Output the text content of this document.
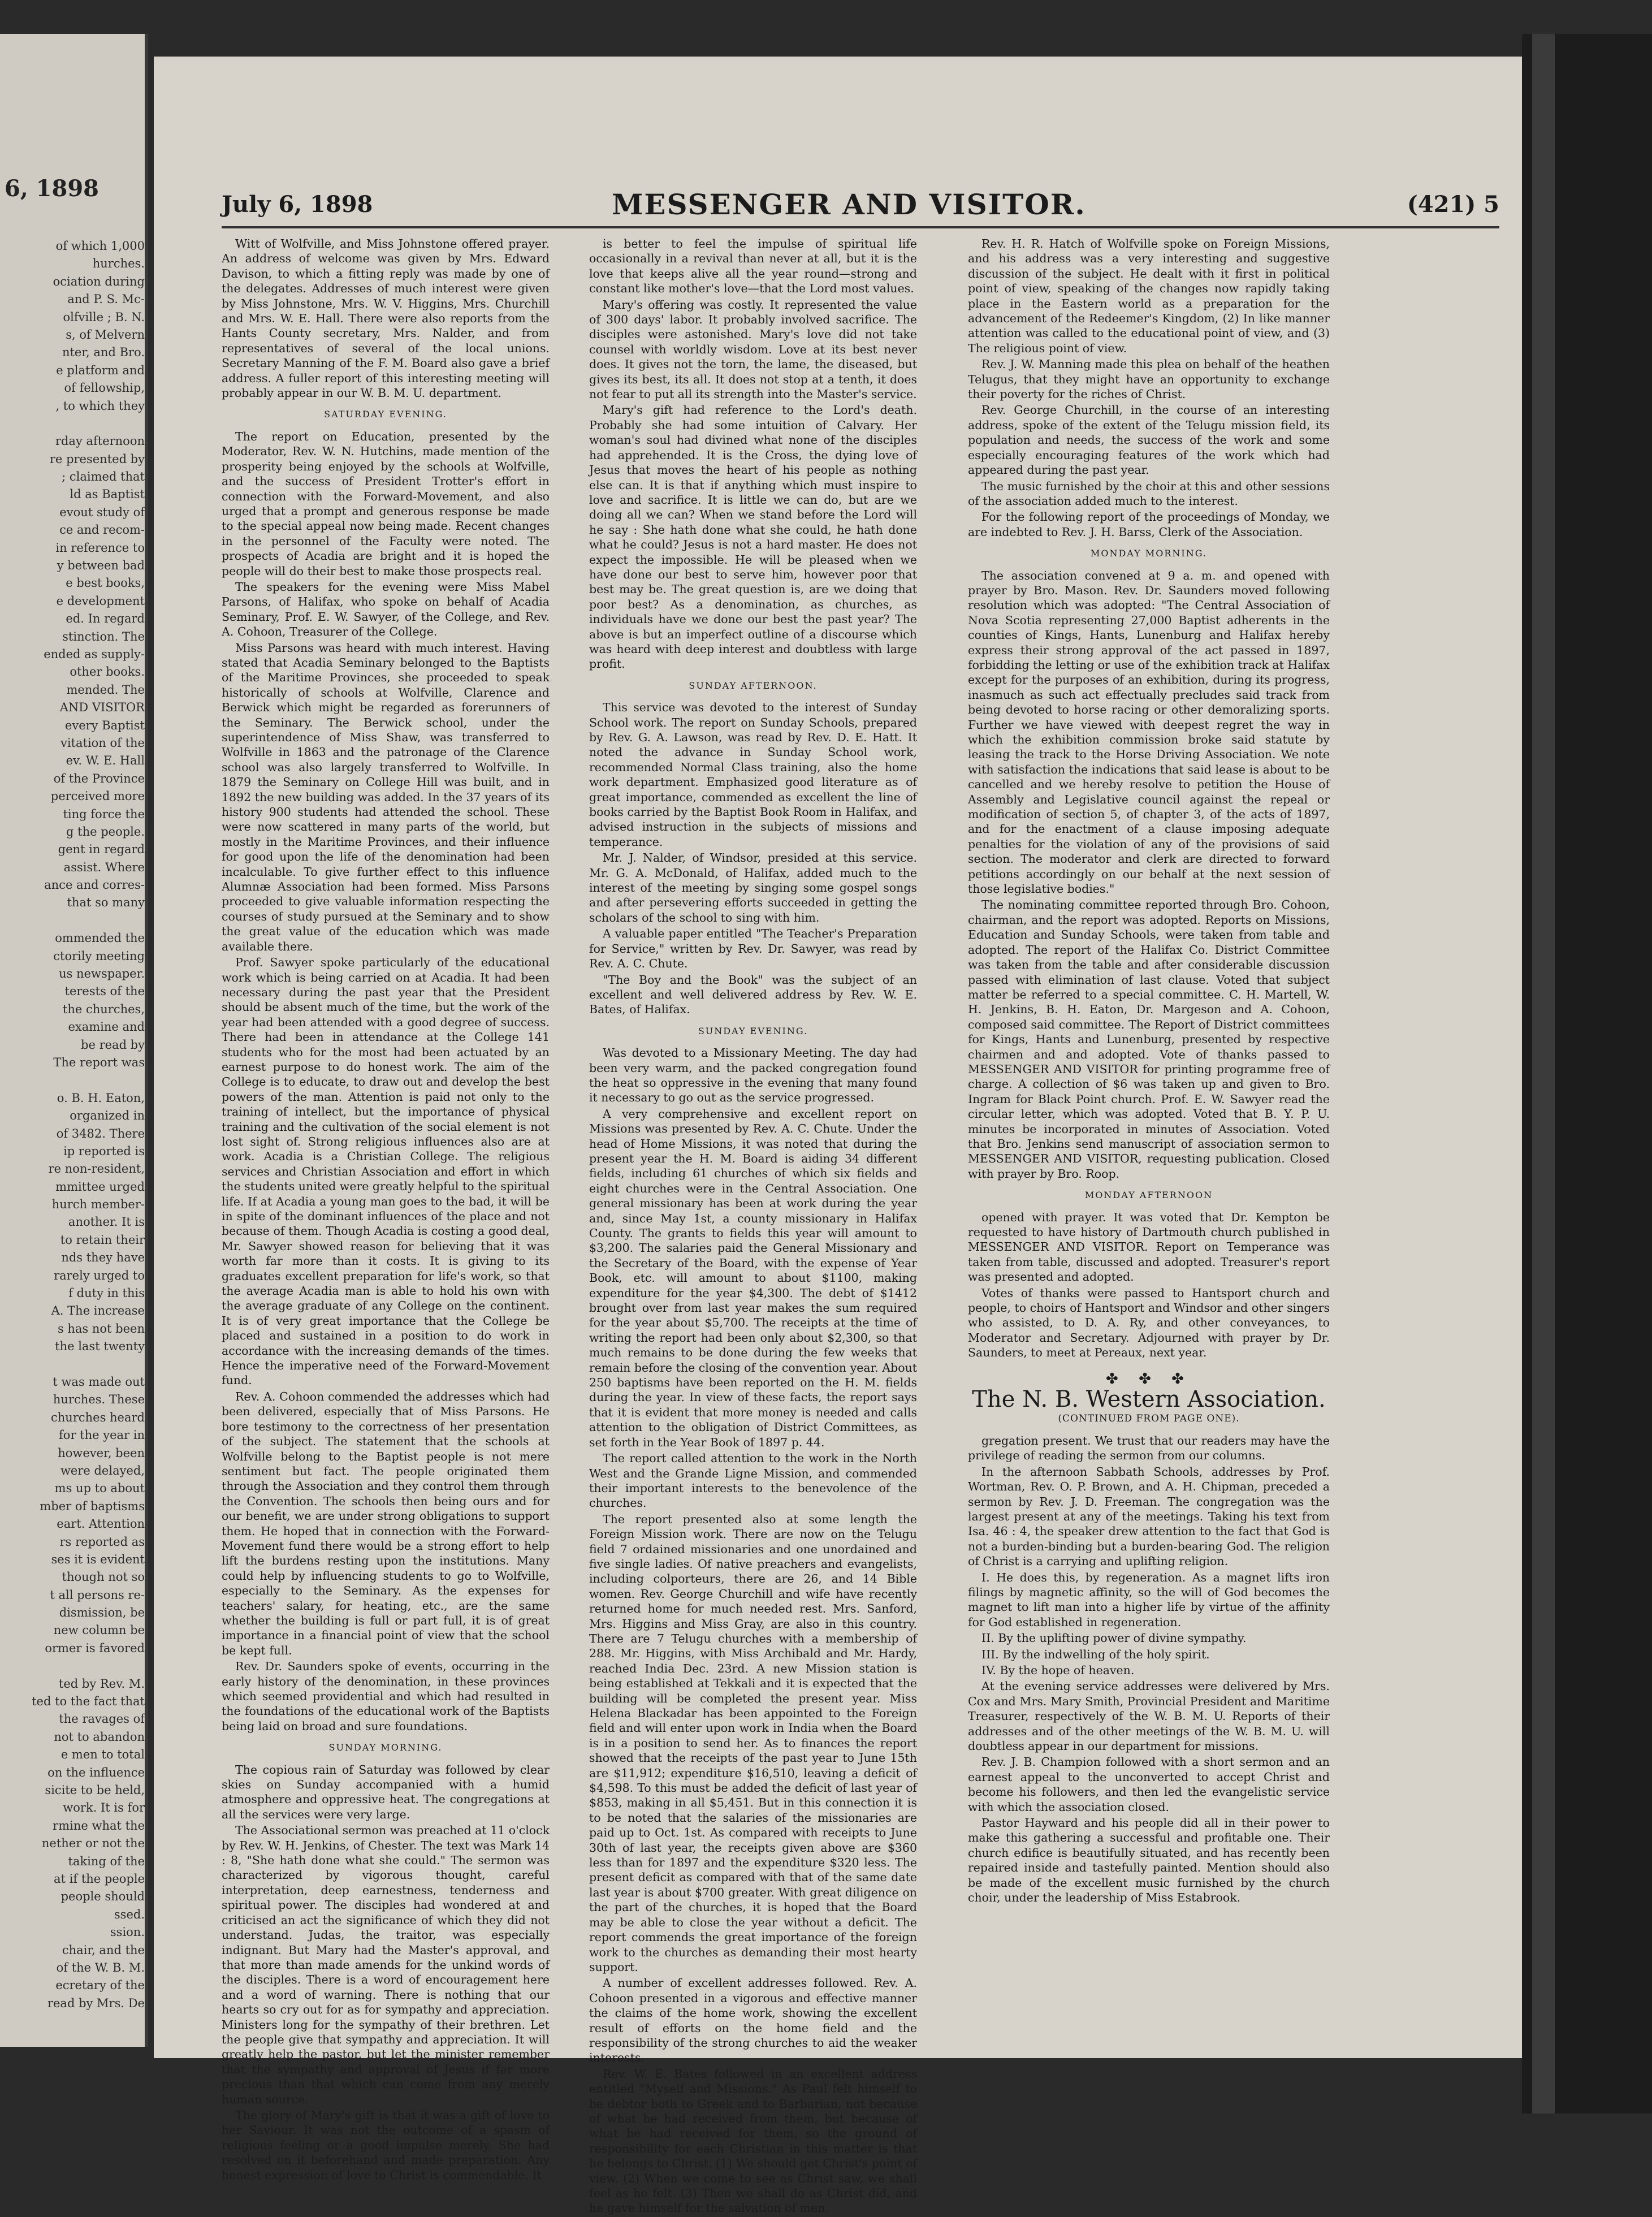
6, 1898
of which 1,000
hurches.
ociation during
and P. S. Mc-
olfville ; B. N.
s, of Melvern
nter, and Bro.
e platform and
of fellowship,
, to which they
rday afternoon
re presented by
; claimed that
ld as Baptist
evout study of
ce and recom-
in reference to
y between bad
e best books,
e development
ed. In regard
stinction. The
ended as supply-
other books.
mended. The
AND VISITOR
every Baptist
vitation of the
ev. W. E. Hall
of the Province
perceived more
ting force the
g the people.
gent in regard
assist. Where
ance and corres-
that so many
ommended the
ctorily meeting
us newspaper.
terests of the
the churches,
examine and
be read by
The report was
o. B. H. Eaton,
organized in
of 3482. There
ip reported is
re non-resident,
mmittee urged
hurch member-
another. It is
to retain their
nds they have
rarely urged to
f duty in this
A. The increase
s has not been
the last twenty
t was made out
hurches. These
churches heard
for the year in
however, been
were delayed,
ms up to about
mber of baptisms
eart. Attention
rs reported as
ses it is evident
though not so
t all persons re-
dismission, be
new column be
ormer is favored
ted by Rev. M.
ted to the fact that
the ravages of
not to abandon
e men to total
on the influence
sicite to be held,
work. It is for
rmine what the
nether or not the
taking of the
at if the people
people should
ssed.
ssion.
chair, and the
of the W. B. M.
ecretary of the
read by Mrs. De
July 6, 1898	MESSENGER AND VISITOR.	(421) 5

Witt of Wolfville, and Miss Johnstone offered prayer. An address of welcome was given by Mrs. Edward Davison, to which a fitting reply was made by one of the delegates. Addresses of much interest were given by Miss Johnstone, Mrs. W. V. Higgins, Mrs. Churchill and Mrs. W. E. Hall. There were also reports from the Hants County secretary, Mrs. Nalder, and from representatives of several of the local unions. Secretary Manning of the F. M. Board also gave a brief address. A fuller report of this interesting meeting will probably appear in our W. B. M. U. department.

SATURDAY EVENING.

The report on Education, presented by the Moderator, Rev. W. N. Hutchins, made mention of the prosperity being enjoyed by the schools at Wolfville, and the success of President Trotter's effort in connection with the Forward-Movement, and also urged that a prompt and generous response be made to the special appeal now being made. Recent changes in the personnel of the Faculty were noted. The prospects of Acadia are bright and it is hoped the people will do their best to make those prospects real.

The speakers for the evening were Miss Mabel Parsons, of Halifax, who spoke on behalf of Acadia Seminary, Prof. E. W. Sawyer, of the College, and Rev. A. Cohoon, Treasurer of the College.

Miss Parsons was heard with much interest. Having stated that Acadia Seminary belonged to the Baptists of the Maritime Provinces, she proceeded to speak historically of schools at Wolfville, Clarence and Berwick which might be regarded as forerunners of the Seminary. The Berwick school, under the superintendence of Miss Shaw, was transferred to Wolfville in 1863 and the patronage of the Clarence school was also largely transferred to Wolfville. In 1879 the Seminary on College Hill was built, and in 1892 the new building was added. In the 37 years of its history 900 students had attended the school. These were now scattered in many parts of the world, but mostly in the Maritime Provinces, and their influence for good upon the life of the denomination had been incalculable. To give further effect to this influence Alumnæ Association had been formed. Miss Parsons proceeded to give valuable information respecting the courses of study pursued at the Seminary and to show the great value of the education which was made available there.

Prof. Sawyer spoke particularly of the educational work which is being carried on at Acadia. It had been necessary during the past year that the President should be absent much of the time, but the work of the year had been attended with a good degree of success. There had been in attendance at the College 141 students who for the most had been actuated by an earnest purpose to do honest work. The aim of the College is to educate, to draw out and develop the best powers of the man. Attention is paid not only to the training of intellect, but the importance of physical training and the cultivation of the social element is not lost sight of. Strong religious influences also are at work. Acadia is a Christian College. The religious services and Christian Association and effort in which the students united were greatly helpful to the spiritual life. If at Acadia a young man goes to the bad, it will be in spite of the dominant influences of the place and not because of them. Though Acadia is costing a good deal, Mr. Sawyer showed reason for believing that it was worth far more than it costs. It is giving to its graduates excellent preparation for life's work, so that the average Acadia man is able to hold his own with the average graduate of any College on the continent. It is of very great importance that the College be placed and sustained in a position to do work in accordance with the increasing demands of the times. Hence the imperative need of the Forward-Movement fund.

Rev. A. Cohoon commended the addresses which had been delivered, especially that of Miss Parsons. He bore testimony to the correctness of her presentation of the subject. The statement that the schools at Wolfville belong to the Baptist people is not mere sentiment but fact. The people originated them through the Association and they control them through the Convention. The schools then being ours and for our benefit, we are under strong obligations to support them. He hoped that in connection with the Forward-Movement fund there would be a strong effort to help lift the burdens resting upon the institutions. Many could help by influencing students to go to Wolfville, especially to the Seminary. As the expenses for teachers' salary, for heating, etc., are the same whether the building is full or part full, it is of great importance in a financial point of view that the school be kept full.

Rev. Dr. Saunders spoke of events, occurring in the early history of the denomination, in these provinces which seemed providential and which had resulted in the foundations of the educational work of the Baptists being laid on broad and sure foundations.

SUNDAY MORNING.

The copious rain of Saturday was followed by clear skies on Sunday accompanied with a humid atmosphere and oppressive heat. The congregations at all the services were very large.

The Associational sermon was preached at 11 o'clock by Rev. W. H. Jenkins, of Chester. The text was Mark 14 : 8, "She hath done what she could." The sermon was characterized by vigorous thought, careful interpretation, deep earnestness, tenderness and spiritual power. The disciples had wondered at and criticised an act the significance of which they did not understand. Judas, the traitor, was especially indignant. But Mary had the Master's approval, and that more than made amends for the unkind words of the disciples. There is a word of encouragement here and a word of warning. There is nothing that our hearts so cry out for as for sympathy and appreciation. Ministers long for the sympathy of their brethren. Let the people give that sympathy and appreciation. It will greatly help the pastor, but let the minister remember that the sympathy and approval of Jesus if far more precious than that which can come from any merely human source.

The glory of Mary's gift is that it was a gift of love to her Saviour. It was not the outcome of a spasm of religious feeling or a good impulse merely. She had resolved on it beforehand and made preparation. Any honest expression of love to Christ is commendable. It

is better to feel the impulse of spiritual life occasionally in a revival than never at all, but it is the love that keeps alive all the year round—strong and constant like mother's love—that the Lord most values.

Mary's offering was costly. It represented the value of 300 days' labor. It probably involved sacrifice. The disciples were astonished. Mary's love did not take counsel with worldly wisdom. Love at its best never does. It gives not the torn, the lame, the diseased, but gives its best, its all. It does not stop at a tenth, it does not fear to put all its strength into the Master's service.

Mary's gift had reference to the Lord's death. Probably she had some intuition of Calvary. Her woman's soul had divined what none of the disciples had apprehended. It is the Cross, the dying love of Jesus that moves the heart of his people as nothing else can. It is that if anything which must inspire to love and sacrifice. It is little we can do, but are we doing all we can? When we stand before the Lord will he say : She hath done what she could, he hath done what he could? Jesus is not a hard master. He does not expect the impossible. He will be pleased when we have done our best to serve him, however poor that best may be. The great question is, are we doing that poor best? As a denomination, as churches, as individuals have we done our best the past year? The above is but an imperfect outline of a discourse which was heard with deep interest and doubtless with large profit.

SUNDAY AFTERNOON.

This service was devoted to the interest of Sunday School work. The report on Sunday Schools, prepared by Rev. G. A. Lawson, was read by Rev. D. E. Hatt. It noted the advance in Sunday School work, recommended Normal Class training, also the home work department. Emphasized good literature as of great importance, commended as excellent the line of books carried by the Baptist Book Room in Halifax, and advised instruction in the subjects of missions and temperance.

Mr. J. Nalder, of Windsor, presided at this service. Mr. G. A. McDonald, of Halifax, added much to the interest of the meeting by singing some gospel songs and after persevering efforts succeeded in getting the scholars of the school to sing with him.

A valuable paper entitled "The Teacher's Preparation for Service," written by Rev. Dr. Sawyer, was read by Rev. A. C. Chute.

"The Boy and the Book" was the subject of an excellent and well delivered address by Rev. W. E. Bates, of Halifax.

SUNDAY EVENING.

Was devoted to a Missionary Meeting. The day had been very warm, and the packed congregation found the heat so oppressive in the evening that many found it necessary to go out as the service progressed.

A very comprehensive and excellent report on Missions was presented by Rev. A. C. Chute. Under the head of Home Missions, it was noted that during the present year the H. M. Board is aiding 34 different fields, including 61 churches of which six fields and eight churches were in the Central Association. One general missionary has been at work during the year and, since May 1st, a county missionary in Halifax County. The grants to fields this year will amount to $3,200. The salaries paid the General Missionary and the Secretary of the Board, with the expense of Year Book, etc. will amount to about $1100, making expenditure for the year $4,300. The debt of $1412 brought over from last year makes the sum required for the year about $5,700. The receipts at the time of writing the report had been only about $2,300, so that much remains to be done during the few weeks that remain before the closing of the convention year. About 250 baptisms have been reported on the H. M. fields during the year. In view of these facts, the report says that it is evident that more money is needed and calls attention to the obligation of District Committees, as set forth in the Year Book of 1897 p. 44.

The report called attention to the work in the North West and the Grande Ligne Mission, and commended their important interests to the benevolence of the churches.

The report presented also at some length the Foreign Mission work. There are now on the Telugu field 7 ordained missionaries and one unordained and five single ladies. Of native preachers and evangelists, including colporteurs, there are 26, and 14 Bible women. Rev. George Churchill and wife have recently returned home for much needed rest. Mrs. Sanford, Mrs. Higgins and Miss Gray, are also in this country. There are 7 Telugu churches with a membership of 288. Mr. Higgins, with Miss Archibald and Mr. Hardy, reached India Dec. 23rd. A new Mission station is being established at Tekkali and it is expected that the building will be completed the present year. Miss Helena Blackadar has been appointed to the Foreign field and will enter upon work in India when the Board is in a position to send her. As to finances the report showed that the receipts of the past year to June 15th are $11,912; expenditure $16,510, leaving a deficit of $4,598. To this must be added the deficit of last year of $853, making in all $5,451. But in this connection it is to be noted that the salaries of the missionaries are paid up to Oct. 1st. As compared with receipts to June 30th of last year, the receipts given above are $360 less than for 1897 and the expenditure $320 less. The present deficit as compared with that of the same date last year is about $700 greater. With great diligence on the part of the churches, it is hoped that the Board may be able to close the year without a deficit. The report commends the great importance of the foreign work to the churches as demanding their most hearty support.

A number of excellent addresses followed. Rev. A. Cohoon presented in a vigorous and effective manner the claims of the home work, showing the excellent result of efforts on the home field and the responsibility of the strong churches to aid the weaker interests.

Rev. W. E. Bates followed in an excellent address entitled "Myself and Missions." As Paul felt himself to be debtor both to Greek and to Barbarian, not because of what he had received from them, but because of what he had received for them, so the ground of responsibility for each Christian in this matter is that he belongs to Christ. (1) We should get Christ's point of view. (2) When we come to see as Christ saw, we shall feel as he felt. (3) Then we shall do as Christ did, and he gave himself for the salvation of men.

Rev. H. R. Hatch of Wolfville spoke on Foreign Missions, and his address was a very interesting and suggestive discussion of the subject. He dealt with it first in political point of view, speaking of the changes now rapidly taking place in the Eastern world as a preparation for the advancement of the Redeemer's Kingdom, (2) In like manner attention was called to the educational point of view, and (3) The religious point of view.

Rev. J. W. Manning made this plea on behalf of the heathen Telugus, that they might have an opportunity to exchange their poverty for the riches of Christ.

Rev. George Churchill, in the course of an interesting address, spoke of the extent of the Telugu mission field, its population and needs, the success of the work and some especially encouraging features of the work which had appeared during the past year.

The music furnished by the choir at this and other sessions of the association added much to the interest.

For the following report of the proceedings of Monday, we are indebted to Rev. J. H. Barss, Clerk of the Association.

MONDAY MORNING.

The association convened at 9 a. m. and opened with prayer by Bro. Mason. Rev. Dr. Saunders moved following resolution which was adopted: "The Central Association of Nova Scotia representing 27,000 Baptist adherents in the counties of Kings, Hants, Lunenburg and Halifax hereby express their strong approval of the act passed in 1897, forbidding the letting or use of the exhibition track at Halifax except for the purposes of an exhibition, during its progress, inasmuch as such act effectually precludes said track from being devoted to horse racing or other demoralizing sports. Further we have viewed with deepest regret the way in which the exhibition commission broke said statute by leasing the track to the Horse Driving Association. We note with satisfaction the indications that said lease is about to be cancelled and we hereby resolve to petition the House of Assembly and Legislative council against the repeal or modification of section 5, of chapter 3, of the acts of 1897, and for the enactment of a clause imposing adequate penalties for the violation of any of the provisions of said section. The moderator and clerk are directed to forward petitions accordingly on our behalf at the next session of those legislative bodies."

The nominating committee reported through Bro. Cohoon, chairman, and the report was adopted. Reports on Missions, Education and Sunday Schools, were taken from table and adopted. The report of the Halifax Co. District Committee was taken from the table and after considerable discussion passed with elimination of last clause. Voted that subject matter be referred to a special committee. C. H. Martell, W. H. Jenkins, B. H. Eaton, Dr. Margeson and A. Cohoon, composed said committee. The Report of District committees for Kings, Hants and Lunenburg, presented by respective chairmen and and adopted. Vote of thanks passed to MESSENGER AND VISITOR for printing programme free of charge. A collection of $6 was taken up and given to Bro. Ingram for Black Point church. Prof. E. W. Sawyer read the circular letter, which was adopted. Voted that B. Y. P. U. minutes be incorporated in minutes of Association. Voted that Bro. Jenkins send manuscript of association sermon to MESSENGER AND VISITOR, requesting publication. Closed with prayer by Bro. Roop.

MONDAY AFTERNOON

opened with prayer. It was voted that Dr. Kempton be requested to have history of Dartmouth church published in MESSENGER AND VISITOR. Report on Temperance was taken from table, discussed and adopted. Treasurer's report was presented and adopted.

Votes of thanks were passed to Hantsport church and people, to choirs of Hantsport and Windsor and other singers who assisted, to D. A. Ry, and other conveyances, to Moderator and Secretary. Adjourned with prayer by Dr. Saunders, to meet at Pereaux, next year.

✤ ✤ ✤
The N. B. Western Association.
(CONTINUED FROM PAGE ONE).

gregation present. We trust that our readers may have the privilege of reading the sermon from our columns.

In the afternoon Sabbath Schools, addresses by Prof. Wortman, Rev. O. P. Brown, and A. H. Chipman, preceded a sermon by Rev. J. D. Freeman. The congregation was the largest present at any of the meetings. Taking his text from Isa. 46 : 4, the speaker drew attention to the fact that God is not a burden-binding but a burden-bearing God. The religion of Christ is a carrying and uplifting religion.

I. He does this, by regeneration. As a magnet lifts iron filings by magnetic affinity, so the will of God becomes the magnet to lift man into a higher life by virtue of the affinity for God established in regeneration.

II. By the uplifting power of divine sympathy.

III. By the indwelling of the holy spirit.

IV. By the hope of heaven.

At the evening service addresses were delivered by Mrs. Cox and Mrs. Mary Smith, Provincial President and Maritime Treasurer, respectively of the W. B. M. U. Reports of their addresses and of the other meetings of the W. B. M. U. will doubtless appear in our department for missions.

Rev. J. B. Champion followed with a short sermon and an earnest appeal to the unconverted to accept Christ and become his followers, and then led the evangelistic service with which the association closed.

Pastor Hayward and his people did all in their power to make this gathering a successful and profitable one. Their church edifice is beautifully situated, and has recently been repaired inside and tastefully painted. Mention should also be made of the excellent music furnished by the church choir, under the leadership of Miss Estabrook.
